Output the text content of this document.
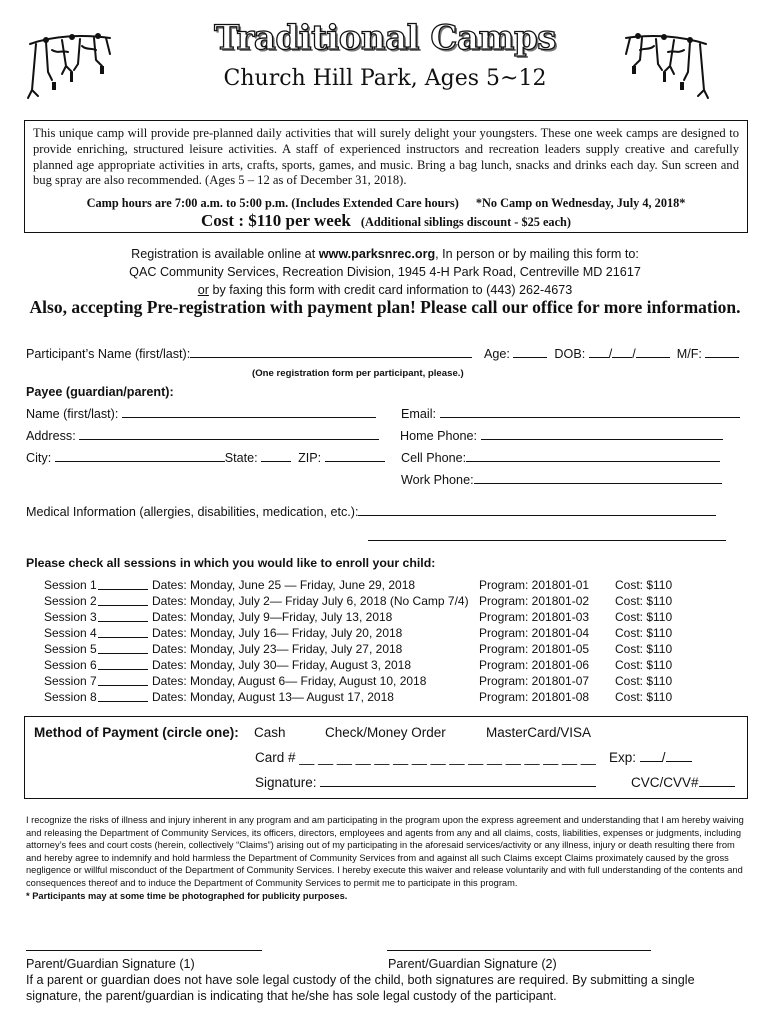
Traditional Camps
Church Hill Park, Ages 5~12
This unique camp will provide pre-planned daily activities that will surely delight your youngsters. These one week camps are designed to provide enriching, structured leisure activities. A staff of experienced instructors and recreation leaders supply creative and carefully planned age appropriate activities in arts, crafts, sports, games, and music. Bring a bag lunch, snacks and drinks each day. Sun screen and bug spray are also recommended. (Ages 5 – 12 as of December 31, 2018).
Camp hours are 7:00 a.m. to 5:00 p.m. (Includes Extended Care hours) *No Camp on Wednesday, July 4, 2018*
Cost : $110 per week (Additional siblings discount - $25 each)
Registration is available online at www.parksnrec.org, In person or by mailing this form to:
QAC Community Services, Recreation Division, 1945 4-H Park Road, Centreville MD 21617
or by faxing this form with credit card information to (443) 262-4673
Also, accepting Pre-registration with payment plan! Please call our office for more information.
Participant’s Name (first/last):	Age:	DOB: / /	M/F:
(One registration form per participant, please.)
Payee (guardian/parent):
Name (first/last):	Email:
Address:	Home Phone:
City:	State:	ZIP:	Cell Phone:
Work Phone:
Medical Information (allergies, disabilities, medication, etc.):
Please check all sessions in which you would like to enroll your child:
Session 1	Dates: Monday, June 25 — Friday, June 29, 2018	Program: 201801-01 Cost: $110
Session 2	Dates: Monday, July 2— Friday July 6, 2018 (No Camp 7/4) Program: 201801-02 Cost: $110
Session 3	Dates: Monday, July 9—Friday, July 13, 2018	Program: 201801-03 Cost: $110
Session 4	Dates: Monday, July 16— Friday, July 20, 2018	Program: 201801-04 Cost: $110
Session 5	Dates: Monday, July 23— Friday, July 27, 2018	Program: 201801-05 Cost: $110
Session 6	Dates: Monday, July 30— Friday, August 3, 2018	Program: 201801-06 Cost: $110
Session 7	Dates: Monday, August 6— Friday, August 10, 2018	Program: 201801-07 Cost: $110
Session 8	Dates: Monday, August 13— August 17, 2018	Program: 201801-08 Cost: $110
Method of Payment (circle one): Cash	Check/Money Order	MasterCard/VISA
Card # __ __ __ __ __ __ __ __ __ __ __ __ __ __ __ __ Exp: /
Signature:	CVC/CVV#
I recognize the risks of illness and injury inherent in any program and am participating in the program upon the express agreement and understanding that I am hereby waiving and releasing the Department of Community Services, its officers, directors, employees and agents from any and all claims, costs, liabilities, expenses or judgments, including attorney’s fees and court costs (herein, collectively “Claims”) arising out of my participating in the aforesaid services/activity or any illness, injury or death resulting there from and hereby agree to indemnify and hold harmless the Department of Community Services from and against all such Claims except Claims proximately caused by the gross negligence or willful misconduct of the Department of Community Services. I hereby execute this waiver and release voluntarily and with full understanding of the contents and consequences thereof and to induce the Department of Community Services to permit me to participate in this program.
* Participants may at some time be photographed for publicity purposes.
Parent/Guardian Signature (1)	Parent/Guardian Signature (2)
If a parent or guardian does not have sole legal custody of the child, both signatures are required. By submitting a single signature, the parent/guardian is indicating that he/she has sole legal custody of the participant.
